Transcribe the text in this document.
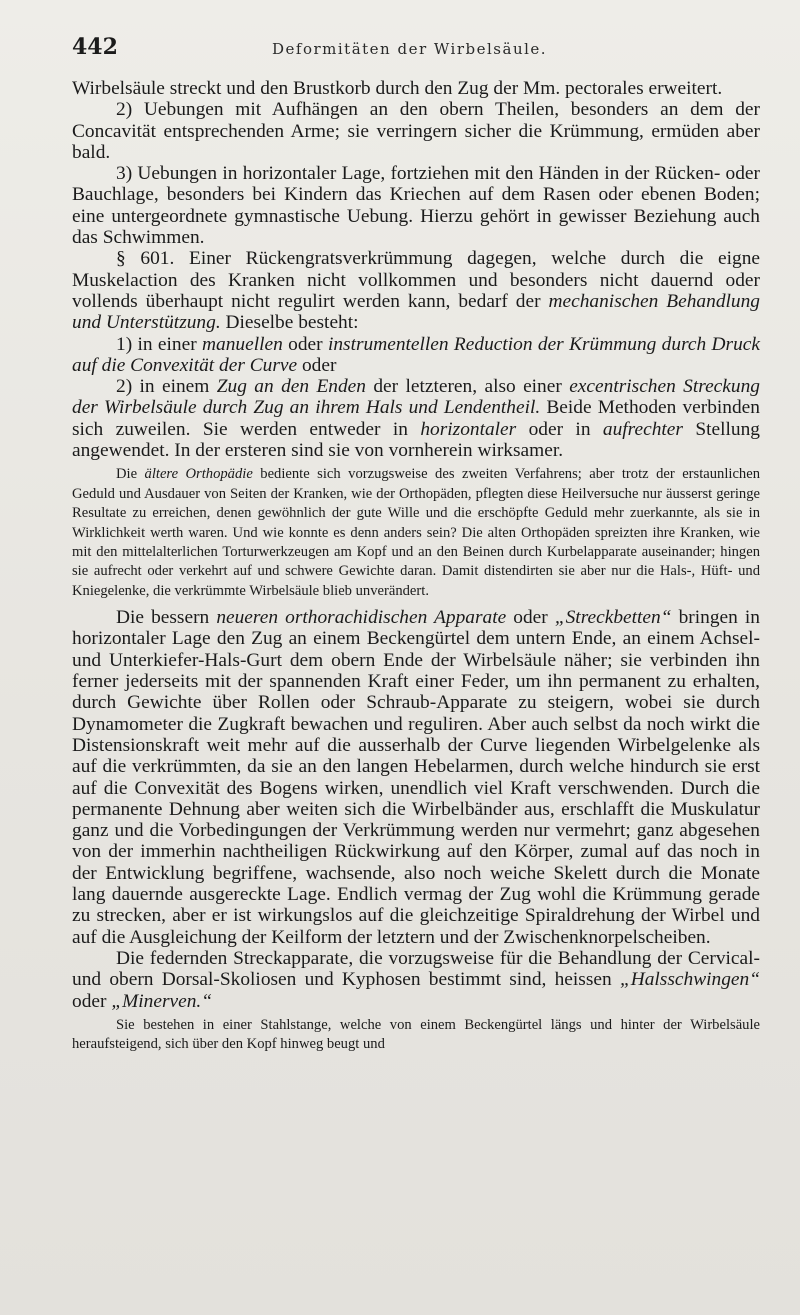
442	Deformitäten der Wirbelsäule.

Wirbelsäule streckt und den Brustkorb durch den Zug der Mm. pectorales erweitert.

2) Uebungen mit Aufhängen an den obern Theilen, besonders an dem der Concavität entsprechenden Arme; sie verringern sicher die Krümmung, ermüden aber bald.

3) Uebungen in horizontaler Lage, fortziehen mit den Händen in der Rücken- oder Bauchlage, besonders bei Kindern das Kriechen auf dem Rasen oder ebenen Boden; eine untergeordnete gymnastische Uebung. Hierzu gehört in gewisser Beziehung auch das Schwimmen.

§ 601. Einer Rückengratsverkrümmung dagegen, welche durch die eigne Muskelaction des Kranken nicht vollkommen und besonders nicht dauernd oder vollends überhaupt nicht regulirt werden kann, bedarf der mechanischen Behandlung und Unterstützung. Dieselbe besteht:

1) in einer manuellen oder instrumentellen Reduction der Krümmung durch Druck auf die Convexität der Curve oder

2) in einem Zug an den Enden der letzteren, also einer excentrischen Streckung der Wirbelsäule durch Zug an ihrem Hals und Lendentheil. Beide Methoden verbinden sich zuweilen. Sie werden entweder in horizontaler oder in aufrechter Stellung angewendet. In der ersteren sind sie von vornherein wirksamer.

Die ältere Orthopädie bediente sich vorzugsweise des zweiten Verfahrens; aber trotz der erstaunlichen Geduld und Ausdauer von Seiten der Kranken, wie der Orthopäden, pflegten diese Heilversuche nur äusserst geringe Resultate zu erreichen, denen gewöhnlich der gute Wille und die erschöpfte Geduld mehr zuerkannte, als sie in Wirklichkeit werth waren. Und wie konnte es denn anders sein? Die alten Orthopäden spreizten ihre Kranken, wie mit den mittelalterlichen Torturwerkzeugen am Kopf und an den Beinen durch Kurbelapparate auseinander; hingen sie aufrecht oder verkehrt auf und schwere Gewichte daran. Damit distendirten sie aber nur die Hals-, Hüft- und Kniegelenke, die verkrümmte Wirbelsäule blieb unverändert.

Die bessern neueren orthorachidischen Apparate oder „Streckbetten“ bringen in horizontaler Lage den Zug an einem Beckengürtel dem untern Ende, an einem Achsel- und Unterkiefer-Hals-Gurt dem obern Ende der Wirbelsäule näher; sie verbinden ihn ferner jederseits mit der spannenden Kraft einer Feder, um ihn permanent zu erhalten, durch Gewichte über Rollen oder Schraub-Apparate zu steigern, wobei sie durch Dynamometer die Zugkraft bewachen und reguliren. Aber auch selbst da noch wirkt die Distensionskraft weit mehr auf die ausserhalb der Curve liegenden Wirbelgelenke als auf die verkrümmten, da sie an den langen Hebelarmen, durch welche hindurch sie erst auf die Convexität des Bogens wirken, unendlich viel Kraft verschwenden. Durch die permanente Dehnung aber weiten sich die Wirbelbänder aus, erschlafft die Muskulatur ganz und die Vorbedingungen der Verkrümmung werden nur vermehrt; ganz abgesehen von der immerhin nachtheiligen Rückwirkung auf den Körper, zumal auf das noch in der Entwicklung begriffene, wachsende, also noch weiche Skelett durch die Monate lang dauernde ausgereckte Lage. Endlich vermag der Zug wohl die Krümmung gerade zu strecken, aber er ist wirkungslos auf die gleichzeitige Spiraldrehung der Wirbel und auf die Ausgleichung der Keilform der letztern und der Zwischenknorpelscheiben.

Die federnden Streckapparate, die vorzugsweise für die Behandlung der Cervical- und obern Dorsal-Skoliosen und Kyphosen bestimmt sind, heissen „Halsschwingen“ oder „Minerven.“

Sie bestehen in einer Stahlstange, welche von einem Beckengürtel längs und hinter der Wirbelsäule heraufsteigend, sich über den Kopf hinweg beugt und
